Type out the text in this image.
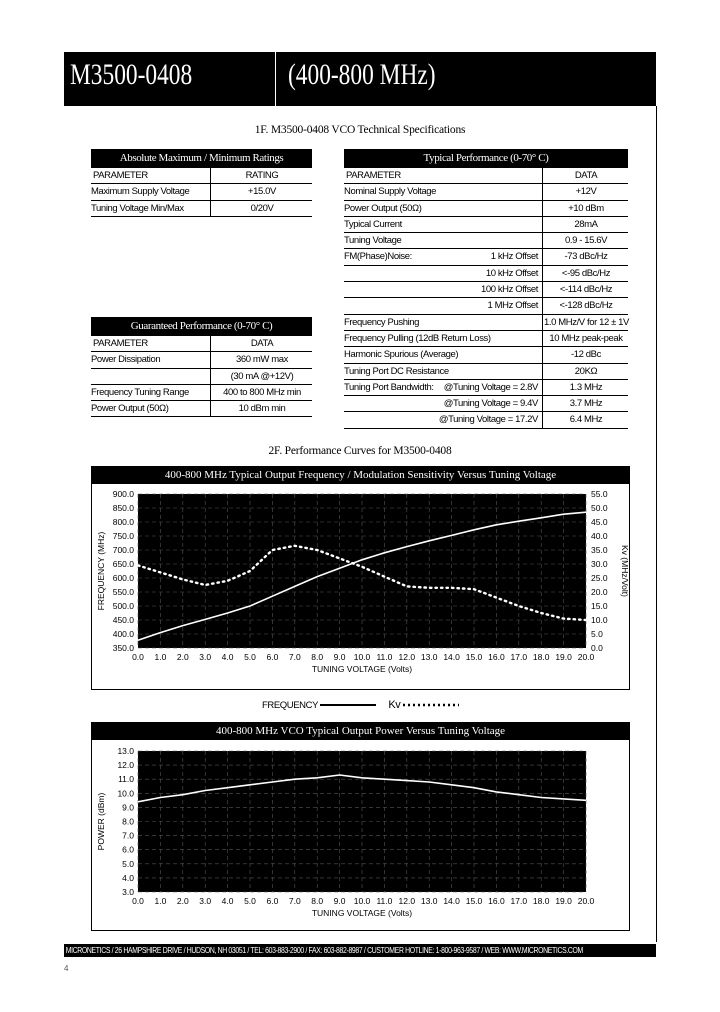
M3500-0408	(400-800 MHz)
1F. M3500-0408 VCO Technical Specifications
Absolute Maximum / Minimum Ratings
PARAMETER	RATING
Maximum Supply Voltage	+15.0V
Tuning Voltage Min/Max	0/20V
Guaranteed Performance (0-70° C)
PARAMETER	DATA
Power Dissipation	360 mW max
(30 mA @+12V)
Frequency Tuning Range	400 to 800 MHz min
Power Output (50Ω)	10 dBm min
Typical Performance (0-70° C)
PARAMETER	DATA
Nominal Supply Voltage	+12V
Power Output (50Ω)	+10 dBm
Typical Current	28mA
Tuning Voltage	0.9 - 15.6V
FM(Phase)Noise:	1 kHz Offset	-73 dBc/Hz
10 kHz Offset	<-95 dBc/Hz
100 kHz Offset	<-114 dBc/Hz
1 MHz Offset	<-128 dBc/Hz
Frequency Pushing	1.0 MHz/V for 12 ± 1V
Frequency Pulling (12dB Return Loss)	10 MHz peak-peak
Harmonic Spurious (Average)	-12 dBc
Tuning Port DC Resistance	20KΩ
Tuning Port Bandwidth:	@Tuning Voltage = 2.8V	1.3 MHz
@Tuning Voltage = 9.4V	3.7 MHz
@Tuning Voltage = 17.2V	6.4 MHz
2F. Performance Curves for M3500-0408
400-800 MHz Typical Output Frequency / Modulation Sensitivity Versus Tuning Voltage
900.0
850.0
800.0
750.0
700.0
650.0
600.0
550.0
500.0
450.0
400.0
350.0
0.0 1.0 2.0 3.0 4.0 5.0 6.0 7.0 8.0 9.0 10.0 11.0 12.0 13.0 14.0 15.0 16.0 17.0 18.0 19.0 20.0
55.0
50.0
45.0
40.0
35.0
30.0
25.0
20.0
15.0
10.0
5.0
0.0
TUNING VOLTAGE (Volts)
FREQUENCY (MHz)	Kv (MHz/Volt)
FREQUENCY	Kv
400-800 MHz VCO Typical Output Power Versus Tuning Voltage
13.0
12.0
11.0
10.0
9.0
8.0
7.0
6.0
5.0
4.0
3.0
0.0 1.0 2.0 3.0 4.0 5.0 6.0 7.0 8.0 9.0 10.0 11.0 12.0 13.0 14.0 15.0 16.0 17.0 18.0 19.0 20.0
TUNING VOLTAGE (Volts)
POWER (dBm)
MICRONETICS / 26 HAMPSHIRE DRIVE / HUDSON, NH 03051 / TEL: 603-883-2900 / FAX: 603-882-8987 / CUSTOMER HOTLINE: 1-800-963-9587 / WEB: WWW.MICRONETICS.COM
4
